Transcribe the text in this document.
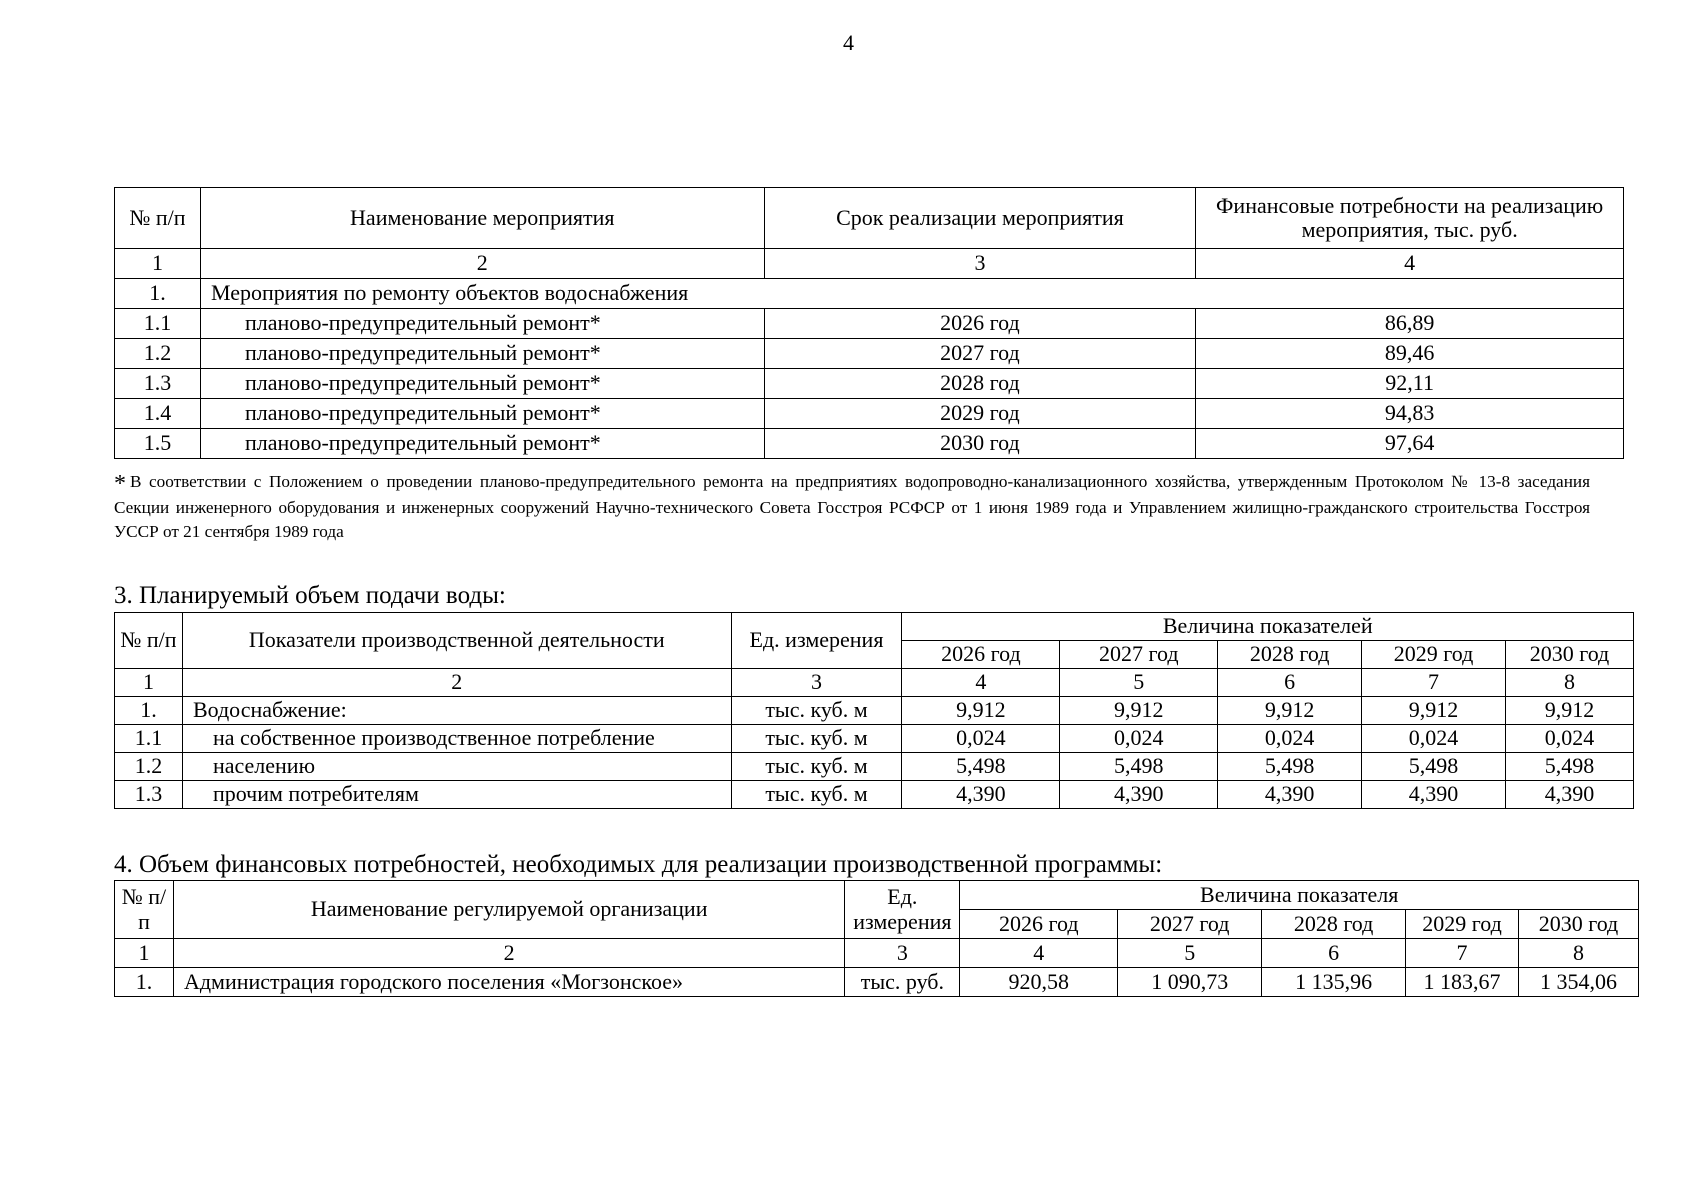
4
№ п/п	Наименование мероприятия	Срок реализации мероприятия	Финансовые потребности на реализацию мероприятия, тыс. руб.
1	2	3	4
1.	Мероприятия по ремонту объектов водоснабжения		
1.1	планово-предупредительный ремонт*	2026 год	86,89
1.2	планово-предупредительный ремонт*	2027 год	89,46
1.3	планово-предупредительный ремонт*	2028 год	92,11
1.4	планово-предупредительный ремонт*	2029 год	94,83
1.5	планово-предупредительный ремонт*	2030 год	97,64
* В соответствии с Положением о проведении планово-предупредительного ремонта на предприятиях водопроводно-канализационного хозяйства, утвержденным Протоколом № 13-8 заседания Секции инженерного оборудования и инженерных сооружений Научно-технического Совета Госстроя РСФСР от 1 июня 1989 года и Управлением жилищно-гражданского строительства Госстроя УССР от 21 сентября 1989 года
3. Планируемый объем подачи воды:
№ п/п	Показатели производственной деятельности	Ед. измерения	Величина показателей				
			2026 год	2027 год	2028 год	2029 год	2030 год
1	2	3	4	5	6	7	8
1.	Водоснабжение:	тыс. куб. м	9,912	9,912	9,912	9,912	9,912
1.1	на собственное производственное потребление	тыс. куб. м	0,024	0,024	0,024	0,024	0,024
1.2	населению	тыс. куб. м	5,498	5,498	5,498	5,498	5,498
1.3	прочим потребителям	тыс. куб. м	4,390	4,390	4,390	4,390	4,390
4. Объем финансовых потребностей, необходимых для реализации производственной программы:
№ п/п	Наименование регулируемой организации	Ед. измерения	Величина показателя				
			2026 год	2027 год	2028 год	2029 год	2030 год
1	2	3	4	5	6	7	8
1.	Администрация городского поселения «Могзонское»	тыс. руб.	920,58	1 090,73	1 135,96	1 183,67	1 354,06
